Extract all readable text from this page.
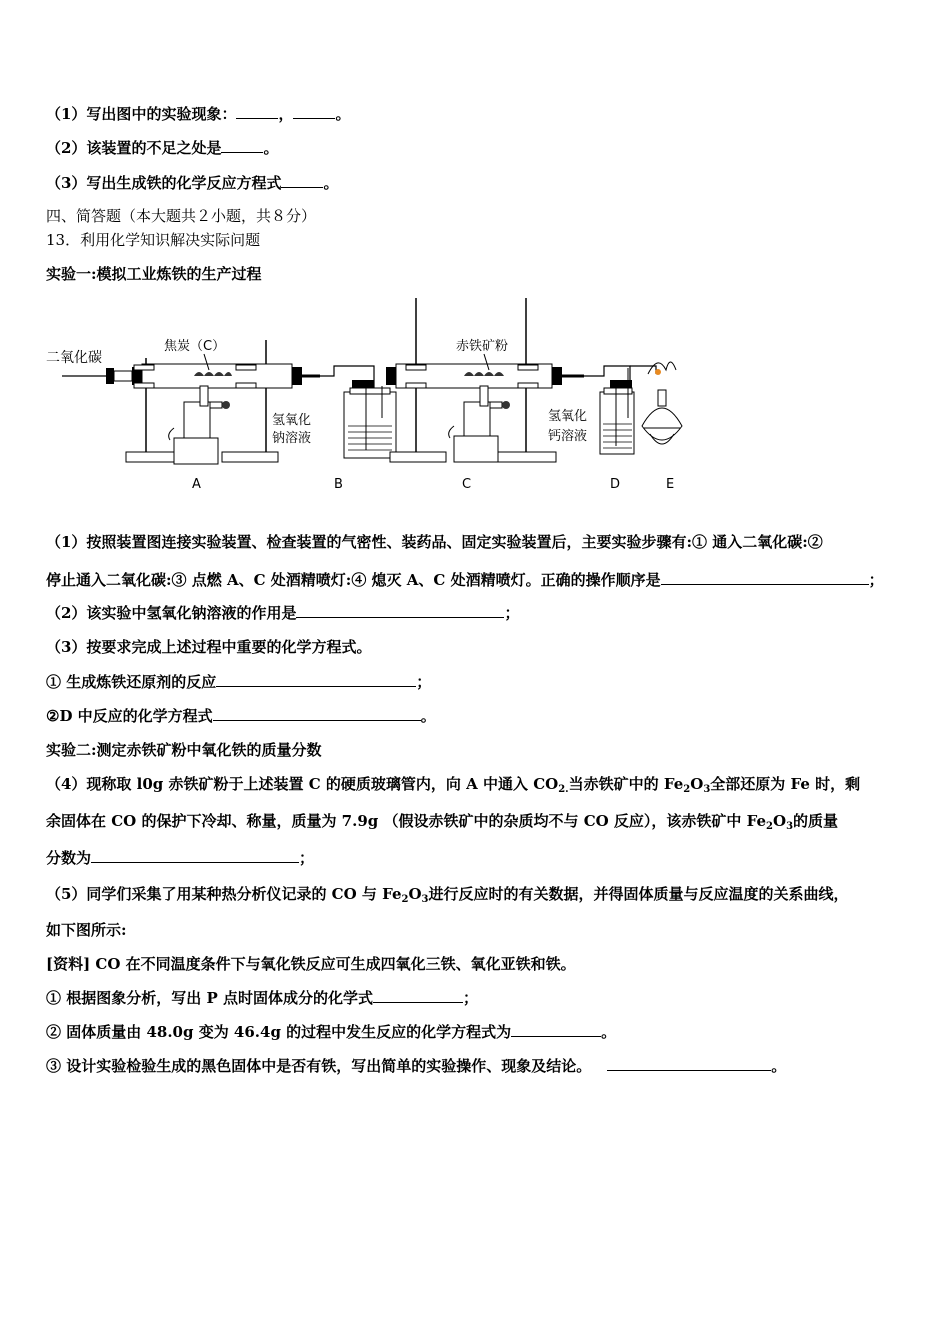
（1）写出图中的实验现象：	，	。
（2）该装置的不足之处是	。
（3）写出生成铁的化学反应方程式	。
四、简答题（本大题共２小题，共８分）
13．利用化学知识解决实际问题
实验一:模拟工业炼铁的生产过程
二氧化碳
焦炭（C）
氢氧化
钠溶液
赤铁矿粉
氢氧化
钙溶液
A	B	C	D	E
（1）按照装置图连接实验装置、检查装置的气密性、装药品、固定实验装置后，主要实验步骤有:① 通入二氧化碳:②
停止通入二氧化碳:③ 点燃 A、C 处酒精喷灯:④ 熄灭 A、C 处酒精喷灯。正确的操作顺序是	；
（2）该实验中氢氧化钠溶液的作用是	；
（3）按要求完成上述过程中重要的化学方程式。
① 生成炼铁还原剂的反应	；
②D 中反应的化学方程式	。
实验二:测定赤铁矿粉中氧化铁的质量分数
（4）现称取 l0g 赤铁矿粉于上述装置 C 的硬质玻璃管内，向 A 中通入 $CO_{2.}$当赤铁矿中的 $Fe_2O_3$全部还原为 Fe 时，剩
余固体在 CO 的保护下冷却、称量，质量为 7.9g （假设赤铁矿中的杂质均不与 CO 反应），该赤铁矿中 $Fe_2O_3$的质量
分数为	；
（5）同学们采集了用某种热分析仪记录的 CO 与 $Fe_2O_3$进行反应时的有关数据，并得固体质量与反应温度的关系曲线，
如下图所示:
[资料] CO 在不同温度条件下与氧化铁反应可生成四氧化三铁、氧化亚铁和铁。
① 根据图象分析，写出 P 点时固体成分的化学式	；
② 固体质量由 48.0g 变为 46.4g 的过程中发生反应的化学方程式为	。
③ 设计实验检验生成的黑色固体中是否有铁，写出简单的实验操作、现象及结论。	。
